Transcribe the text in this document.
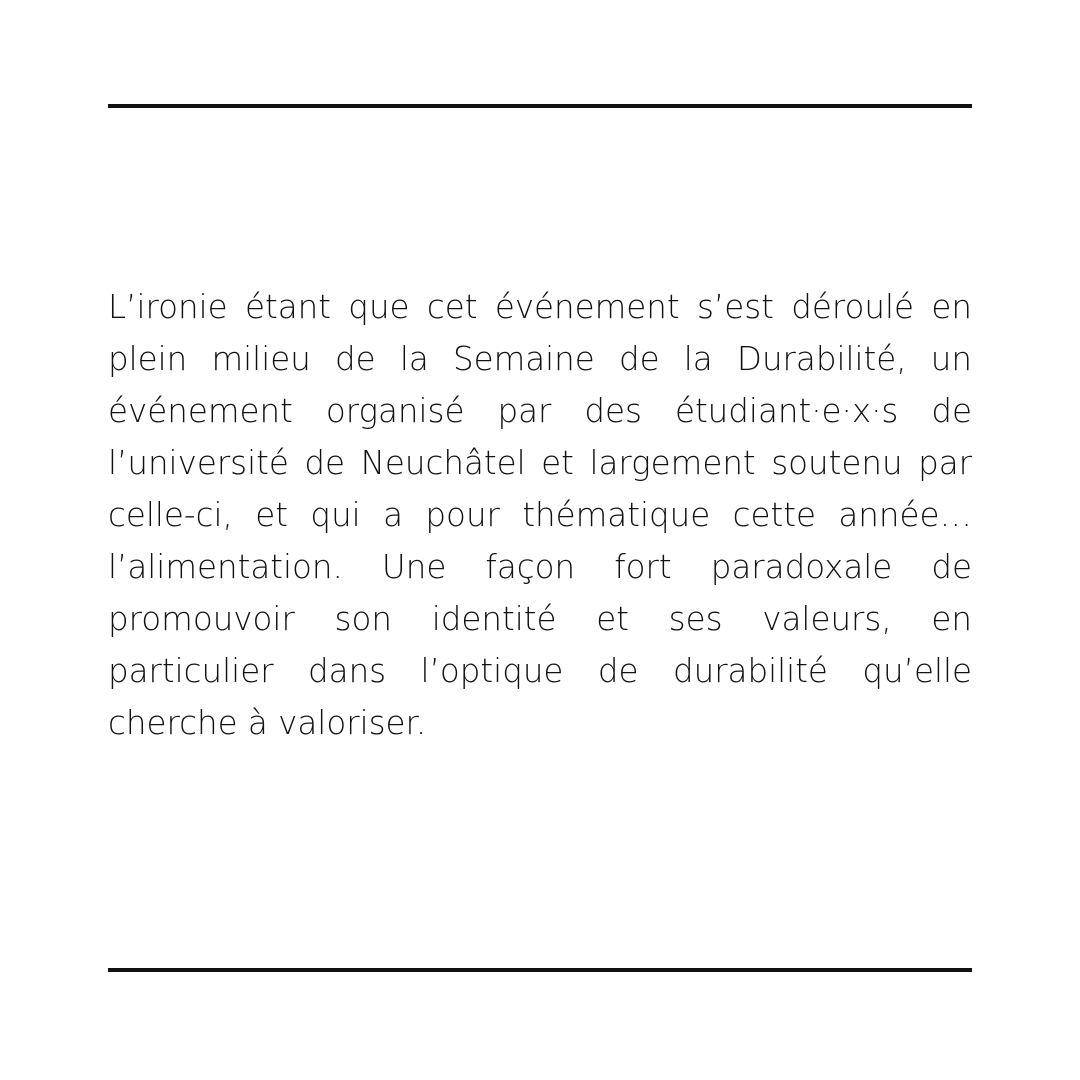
L’ironie étant que cet événement s’est déroulé en
plein milieu de la Semaine de la Durabilité, un
événement organisé par des étudiant·e·x·s de
l’université de Neuchâtel et largement soutenu par
celle-ci, et qui a pour thématique cette année…
l’alimentation. Une façon fort paradoxale de
promouvoir son identité et ses valeurs, en
particulier dans l’optique de durabilité qu’elle
cherche à valoriser.
